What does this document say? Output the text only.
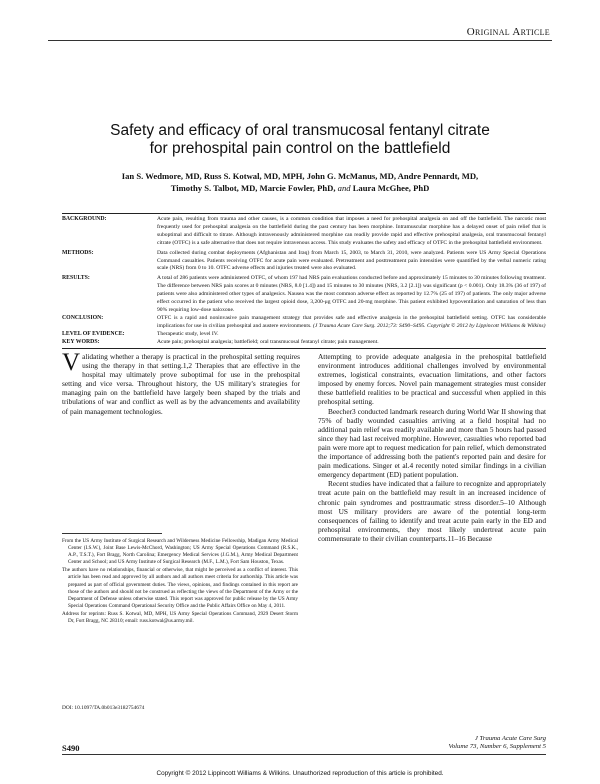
Original Article
Safety and efficacy of oral transmucosal fentanyl citrate
for prehospital pain control on the battlefield
Ian S. Wedmore, MD, Russ S. Kotwal, MD, MPH, John G. McManus, MD, Andre Pennardt, MD,
Timothy S. Talbot, MD, Marcie Fowler, PhD, and Laura McGhee, PhD
BACKGROUND:	Acute pain, resulting from trauma and other causes, is a common condition that imposes a need for prehospital analgesia on and off the battlefield. The narcotic most frequently used for prehospital analgesia on the battlefield during the past century has been morphine. Intramuscular morphine has a delayed onset of pain relief that is suboptimal and difficult to titrate. Although intravenously administered morphine can readily provide rapid and effective prehospital analgesia, oral transmucosal fentanyl citrate (OTFC) is a safe alternative that does not require intravenous access. This study evaluates the safety and efficacy of OTFC in the prehospital battlefield environment.
METHODS:	Data collected during combat deployments (Afghanistan and Iraq) from March 15, 2003, to March 31, 2010, were analyzed. Patients were US Army Special Operations Command casualties. Patients receiving OTFC for acute pain were evaluated. Pretreatment and posttreatment pain intensities were quantified by the verbal numeric rating scale (NRS) from 0 to 10. OTFC adverse effects and injuries treated were also evaluated.
RESULTS:	A total of 286 patients were administered OTFC, of whom 197 had NRS pain evaluations conducted before and approximately 15 minutes to 30 minutes following treatment. The difference between NRS pain scores at 0 minutes (NRS, 8.0 [1.4]) and 15 minutes to 30 minutes (NRS, 3.2 [2.1]) was significant (p < 0.001). Only 18.3% (36 of 197) of patients were also administered other types of analgesics. Nausea was the most common adverse effect as reported by 12.7% (25 of 197) of patients. The only major adverse effect occurred in the patient who received the largest opioid dose, 3,200-μg OTFC and 20-mg morphine. This patient exhibited hypoventilation and saturation of less than 90% requiring low-dose naloxone.
CONCLUSION:	OTFC is a rapid and noninvasive pain management strategy that provides safe and effective analgesia in the prehospital battlefield setting. OTFC has considerable implications for use in civilian prehospital and austere environments. (J Trauma Acute Care Surg. 2012;73: S490–S495. Copyright © 2012 by Lippincott Williams & Wilkins)
LEVEL OF EVIDENCE:	Therapeutic study, level IV.
KEY WORDS:	Acute pain; prehospital analgesia; battlefield; oral transmucosal fentanyl citrate; pain management.

Validating whether a therapy is practical in the prehospital setting requires using the therapy in that setting.1,2 Therapies that are effective in the hospital may ultimately prove suboptimal for use in the prehospital setting and vice versa. Throughout history, the US military's strategies for managing pain on the battlefield have largely been shaped by the trials and tribulations of war and conflict as well as by the advancements and availability of pain management technologies.

From the US Army Institute of Surgical Research and Wilderness Medicine Fellowship, Madigan Army Medical Center (I.S.W.), Joint Base Lewis-McChord, Washington; US Army Special Operations Command (R.S.K., A.P., T.S.T.), Fort Bragg, North Carolina; Emergency Medical Services (J.G.M.), Army Medical Department Center and School; and US Army Institute of Surgical Research (M.F., L.M.), Fort Sam Houston, Texas.

The authors have no relationships, financial or otherwise, that might be perceived as a conflict of interest. This article has been read and approved by all authors and all authors meet criteria for authorship. This article was prepared as part of official government duties. The views, opinions, and findings contained in this report are those of the authors and should not be construed as reflecting the views of the Department of the Army or the Department of Defense unless otherwise stated. This report was approved for public release by the US Army Special Operations Command Operational Security Office and the Public Affairs Office on May 4, 2011.

Address for reprints: Russ S. Kotwal, MD, MPH, US Army Special Operations Command, 2929 Desert Storm Dr, Fort Bragg, NC 28310; email: russ.kotwal@us.army.mil.

DOI: 10.1097/TA.0b013e3182754674

Attempting to provide adequate analgesia in the prehospital battlefield environment introduces additional challenges involved by environmental extremes, logistical constraints, evacuation limitations, and other factors imposed by enemy forces. Novel pain management strategies must consider these battlefield realities to be practical and successful when applied in this prehospital setting.

Beecher3 conducted landmark research during World War II showing that 75% of badly wounded casualties arriving at a field hospital had no additional pain relief was readily available and more than 5 hours had passed since they had last received morphine. However, casualties who reported bad pain were more apt to request medication for pain relief, which demonstrated the importance of addressing both the patient's reported pain and desire for pain medications. Singer et al.4 recently noted similar findings in a civilian emergency department (ED) patient population.

Recent studies have indicated that a failure to recognize and appropriately treat acute pain on the battlefield may result in an increased incidence of chronic pain syndromes and posttraumatic stress disorder.5–10 Although most US military providers are aware of the potential long-term consequences of failing to identify and treat acute pain early in the ED and prehospital environments, they most likely undertreat acute pain commensurate to their civilian counterparts.11–16 Because

S490
J Trauma Acute Care Surg
Volume 73, Number 6, Supplement 5
Copyright © 2012 Lippincott Williams & Wilkins. Unauthorized reproduction of this article is prohibited.
